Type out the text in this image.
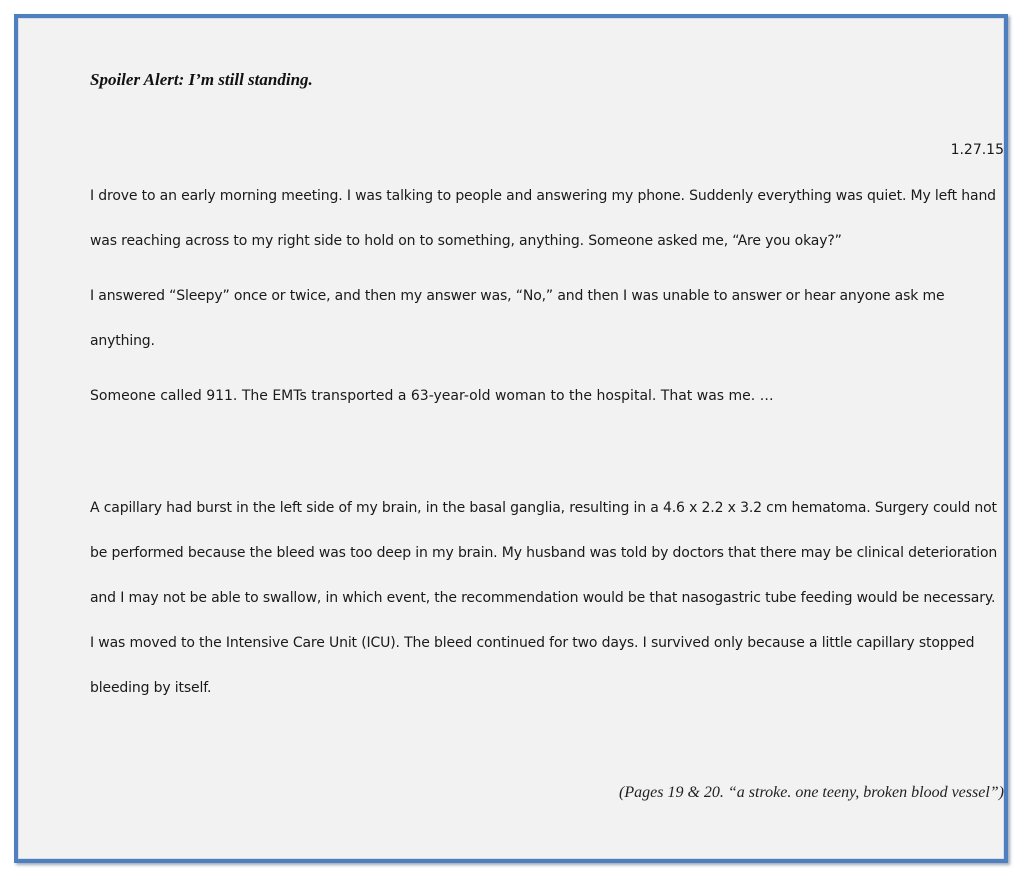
Spoiler Alert: I’m still standing.
1.27.15

I drove to an early morning meeting. I was talking to people and answering my phone. Suddenly everything was quiet. My left hand was reaching across to my right side to hold on to something, anything. Someone asked me, “Are you okay?”

I answered “Sleepy” once or twice, and then my answer was, “No,” and then I was unable to answer or hear anyone ask me anything.

Someone called 911. The EMTs transported a 63-year-old woman to the hospital. That was me. …

A capillary had burst in the left side of my brain, in the basal ganglia, resulting in a 4.6 x 2.2 x 3.2 cm hematoma. Surgery could not be performed because the bleed was too deep in my brain. My husband was told by doctors that there may be clinical deterioration and I may not be able to swallow, in which event, the recommendation would be that nasogastric tube feeding would be necessary. I was moved to the Intensive Care Unit (ICU). The bleed continued for two days. I survived only because a little capillary stopped bleeding by itself.

(Pages 19 & 20. “a stroke. one teeny, broken blood vessel”)
